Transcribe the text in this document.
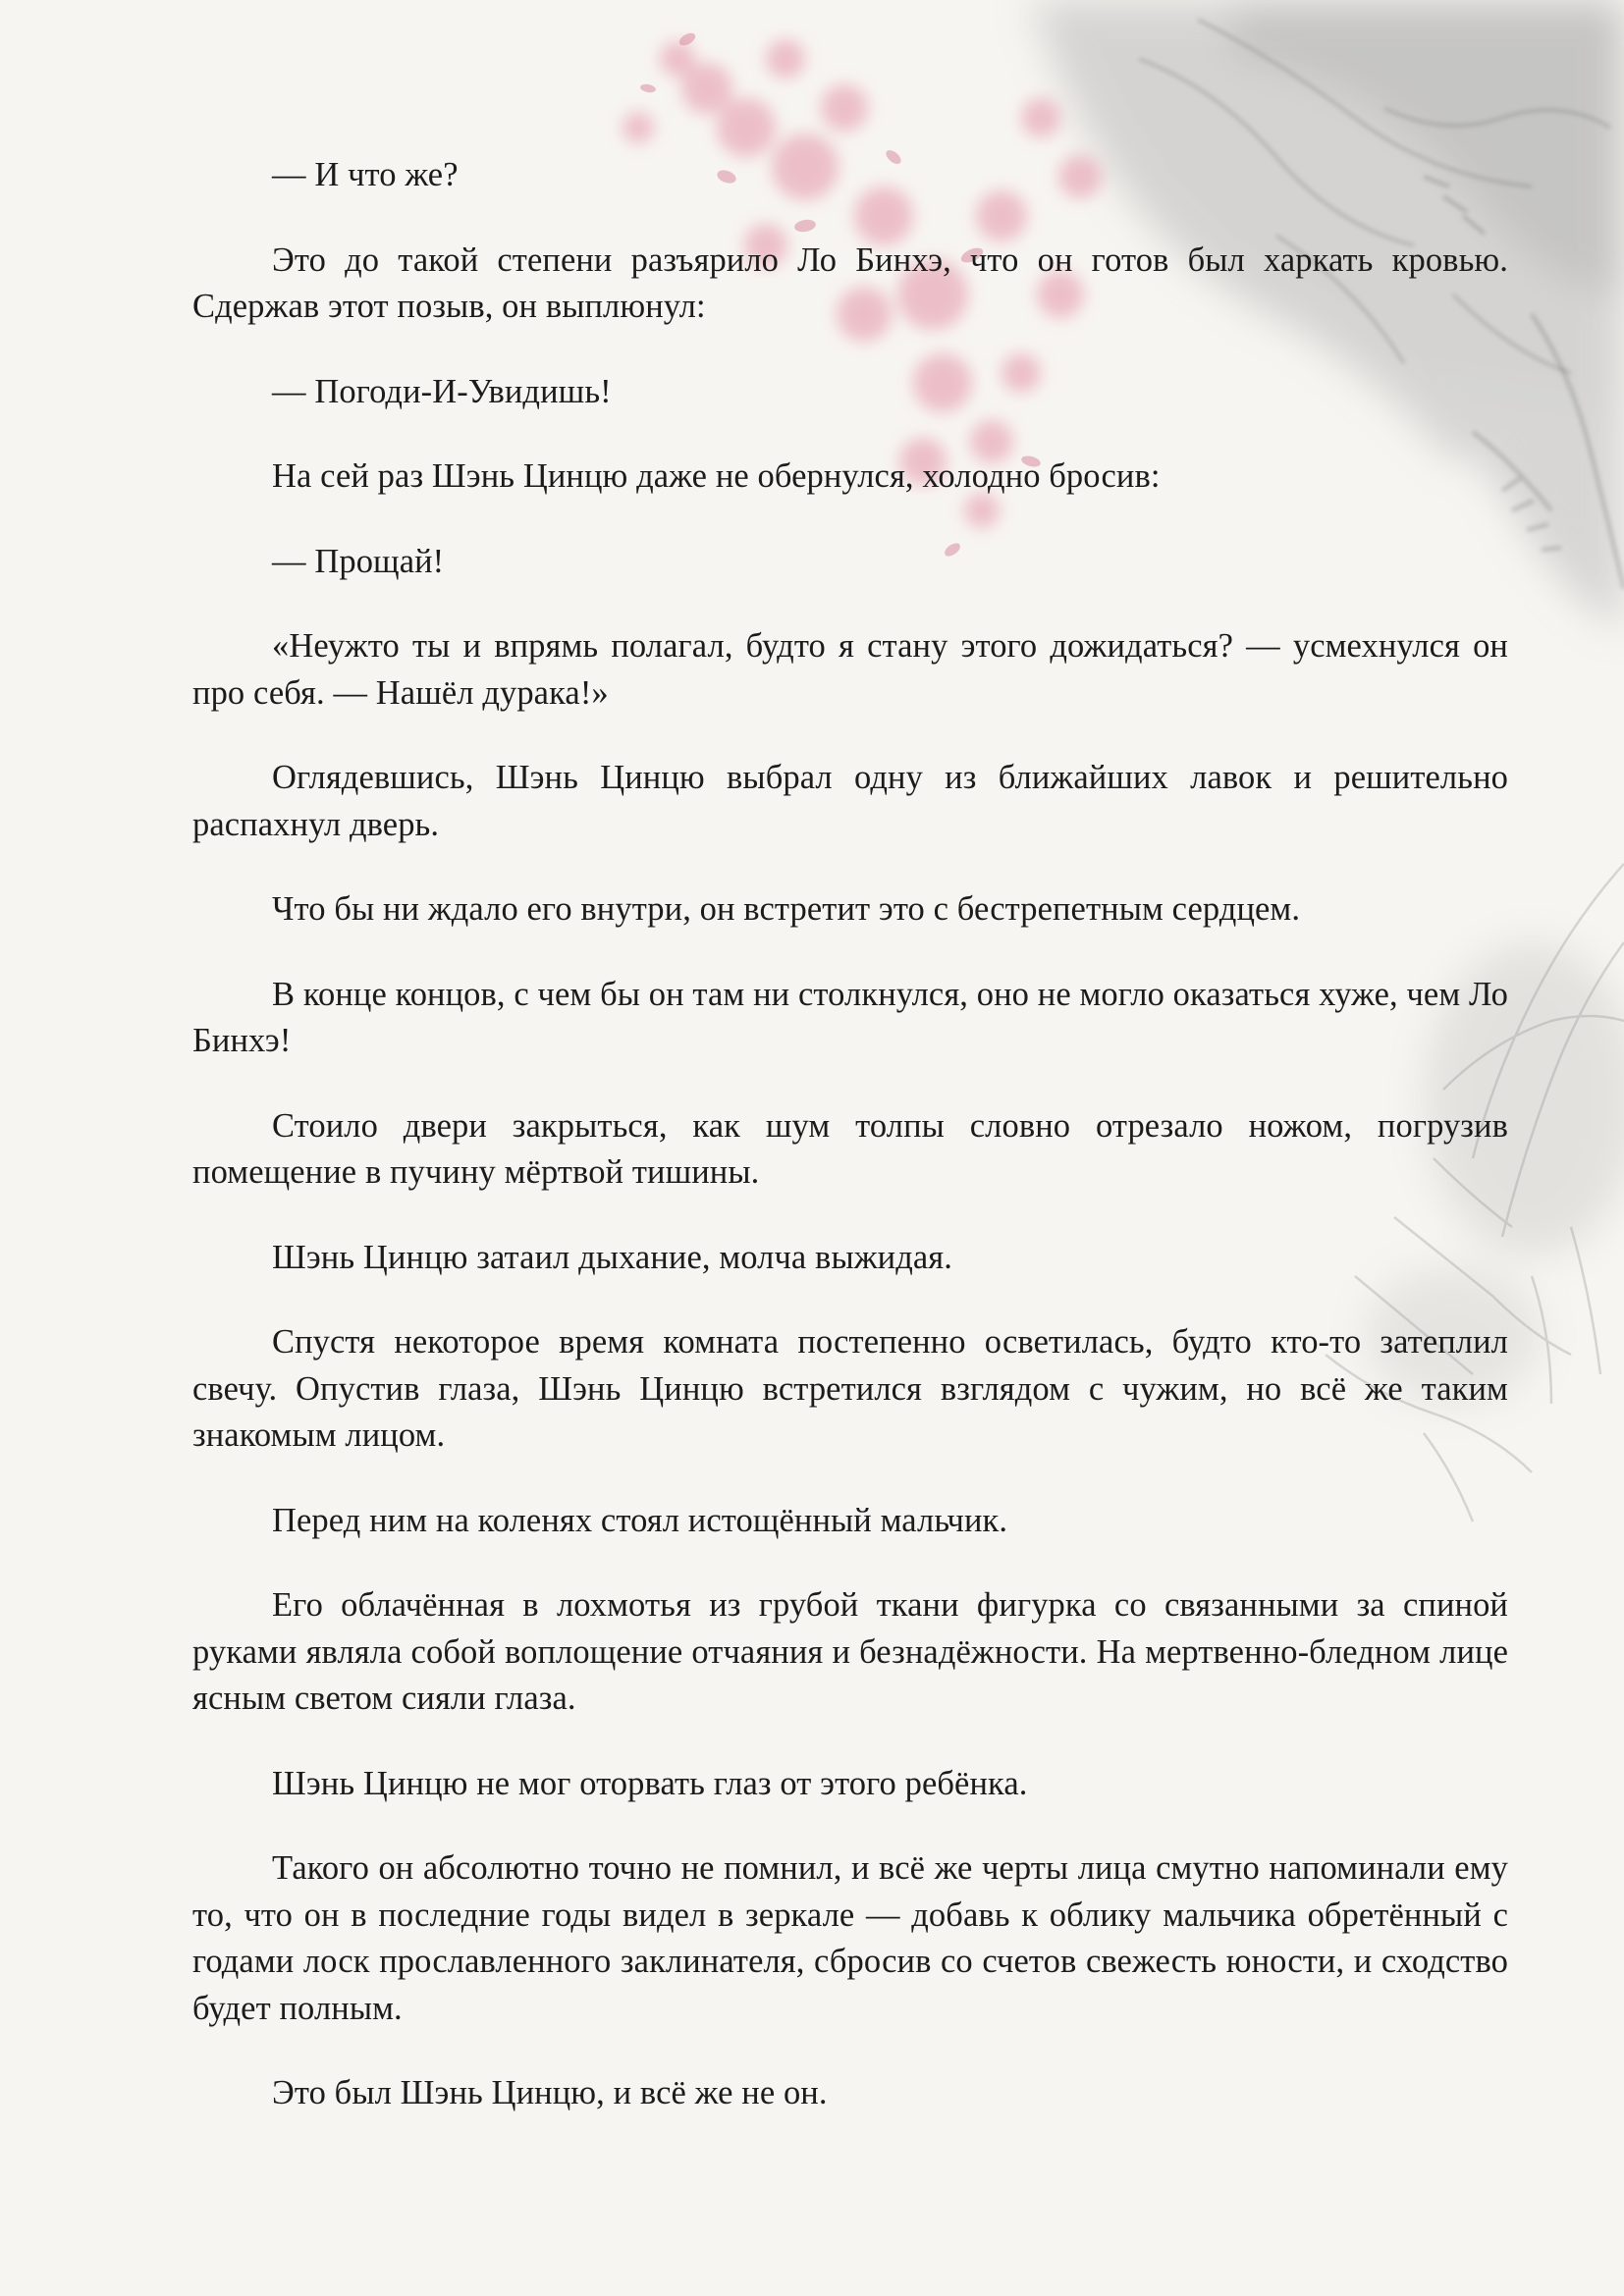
— И что же?

Это до такой степени разъярило Ло Бинхэ, что он готов был харкать кровью. Сдержав этот позыв, он выплюнул:

— Погоди-И-Увидишь!

На сей раз Шэнь Цинцю даже не обернулся, холодно бросив:

— Прощай!

«Неужто ты и впрямь полагал, будто я стану этого дожидаться? — усмехнулся он про себя. — Нашёл дурака!»

Оглядевшись, Шэнь Цинцю выбрал одну из ближайших лавок и решительно распахнул дверь.

Что бы ни ждало его внутри, он встретит это с бестрепетным сердцем.

В конце концов, с чем бы он там ни столкнулся, оно не могло оказаться хуже, чем Ло Бинхэ!

Стоило двери закрыться, как шум толпы словно отрезало ножом, погрузив помещение в пучину мёртвой тишины.

Шэнь Цинцю затаил дыхание, молча выжидая.

Спустя некоторое время комната постепенно осветилась, будто кто-то затеплил свечу. Опустив глаза, Шэнь Цинцю встретился взглядом с чужим, но всё же таким знакомым лицом.

Перед ним на коленях стоял истощённый мальчик.

Его облачённая в лохмотья из грубой ткани фигурка со связанными за спиной руками являла собой воплощение отчаяния и безнадёжности. На мертвенно-бледном лице ясным светом сияли глаза.

Шэнь Цинцю не мог оторвать глаз от этого ребёнка.

Такого он абсолютно точно не помнил, и всё же черты лица смутно напоминали ему то, что он в последние годы видел в зеркале — добавь к облику мальчика обретённый с годами лоск прославленного заклинателя, сбросив со счетов свежесть юности, и сходство будет полным.

Это был Шэнь Цинцю, и всё же не он.
